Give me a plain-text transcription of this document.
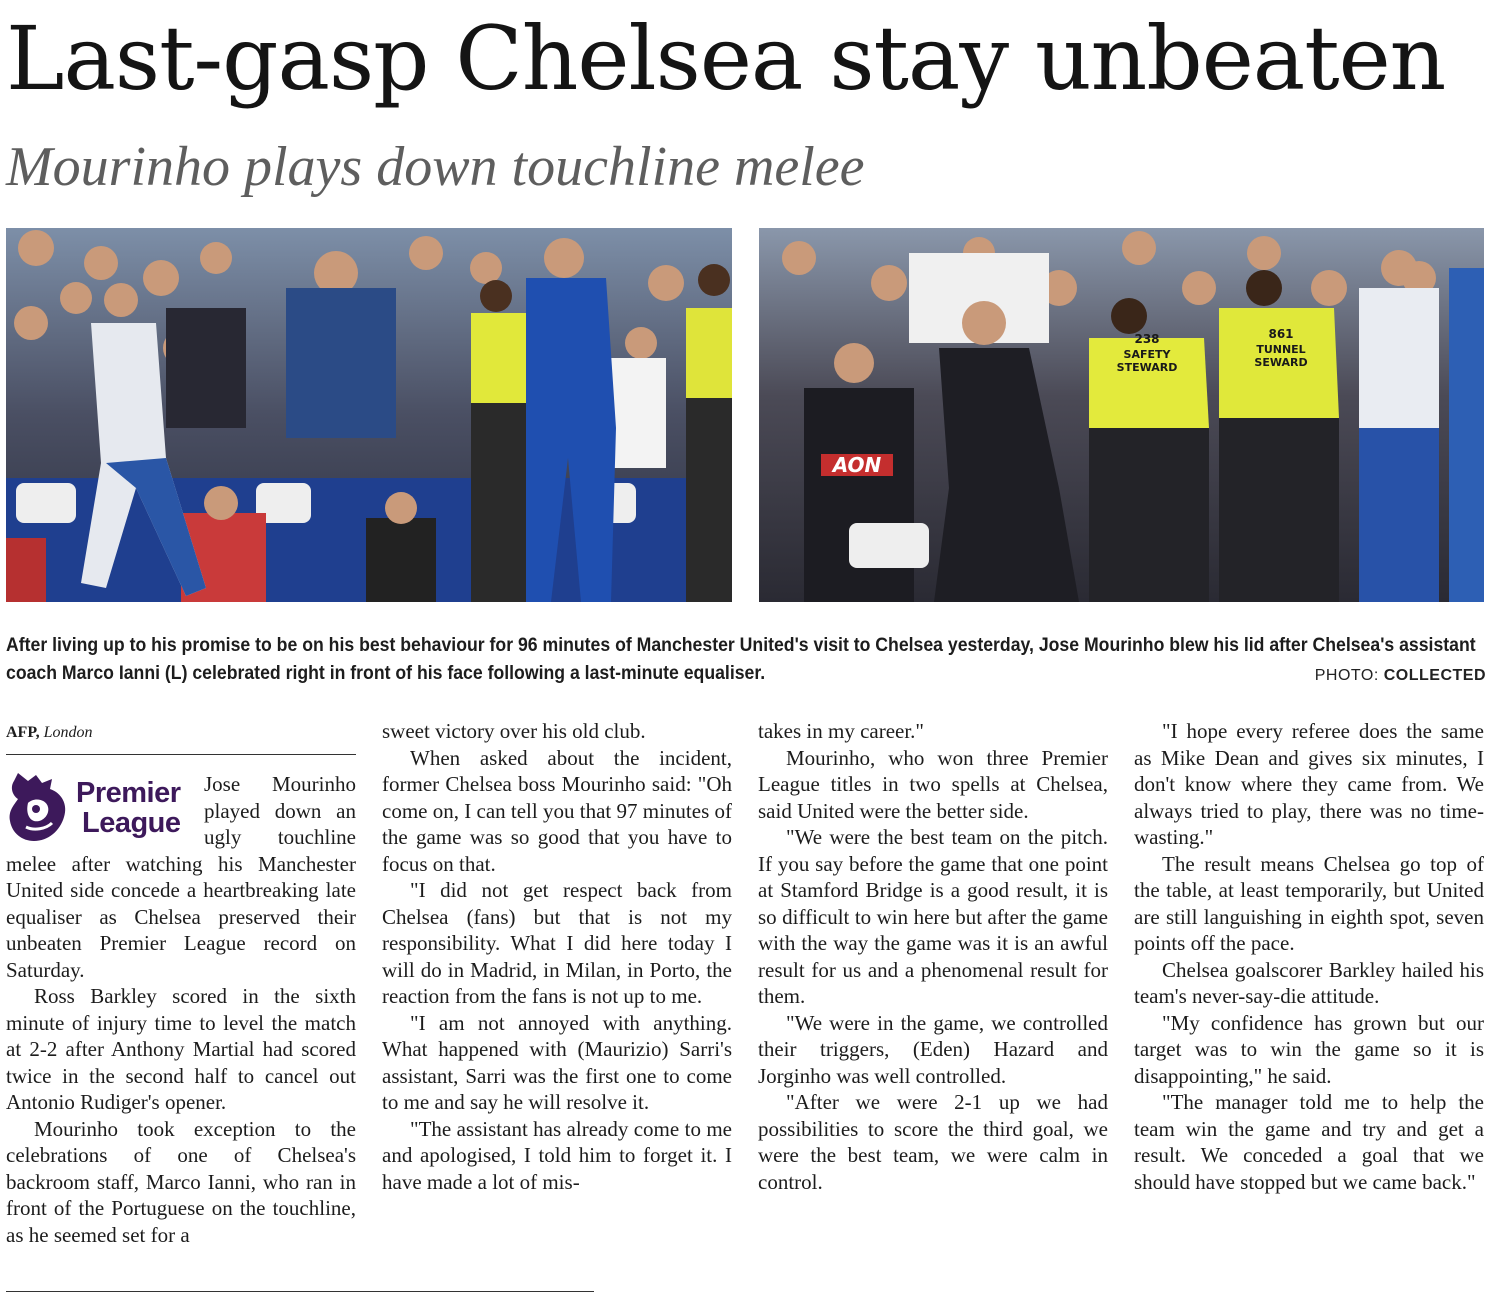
Last-gasp Chelsea stay unbeaten
Mourinho plays down touchline melee
AON
238
SAFETY
STEWARD
861
TUNNEL
SEWARD

After living up to his promise to be on his best behaviour for 96 minutes of Manchester United's visit to Chelsea yesterday, Jose Mourinho blew his lid after Chelsea's assistant coach Marco Ianni (L) celebrated right in front of his face following a last-minute equaliser.	PHOTO: COLLECTED
AFP, London
Premier
League

Jose Mourinho played down an ugly touchline melee after watching his Manchester United side concede a heartbreaking late equaliser as Chelsea preserved their unbeaten Premier League record on Saturday.

Ross Barkley scored in the sixth minute of injury time to level the match at 2-2 after Anthony Martial had scored twice in the second half to cancel out Antonio Rudiger's opener.

Mourinho took exception to the celebrations of one of Chelsea's backroom staff, Marco Ianni, who ran in front of the Portuguese on the touchline, as he seemed set for a

sweet victory over his old club.

When asked about the incident, former Chelsea boss Mourinho said: "Oh come on, I can tell you that 97 minutes of the game was so good that you have to focus on that.

"I did not get respect back from Chelsea (fans) but that is not my responsibility. What I did here today I will do in Madrid, in Milan, in Porto, the reaction from the fans is not up to me.

"I am not annoyed with anything. What happened with (Maurizio) Sarri's assistant, Sarri was the first one to come to me and say he will resolve it.

"The assistant has already come to me and apologised, I told him to forget it. I have made a lot of mis-

takes in my career."

Mourinho, who won three Premier League titles in two spells at Chelsea, said United were the better side.

"We were the best team on the pitch. If you say before the game that one point at Stamford Bridge is a good result, it is so difficult to win here but after the game with the way the game was it is an awful result for us and a phenomenal result for them.

"We were in the game, we controlled their triggers, (Eden) Hazard and Jorginho was well controlled.

"After we were 2-1 up we had possibilities to score the third goal, we were the best team, we were calm in control.

"I hope every referee does the same as Mike Dean and gives six minutes, I don't know where they came from. We always tried to play, there was no time-wasting."

The result means Chelsea go top of the table, at least temporarily, but United are still languishing in eighth spot, seven points off the pace.

Chelsea goalscorer Barkley hailed his team's never-say-die attitude.

"My confidence has grown but our target was to win the game so it is disappointing," he said.

"The manager told me to help the team win the game and try and get a result. We conceded a goal that we should have stopped but we came back."
